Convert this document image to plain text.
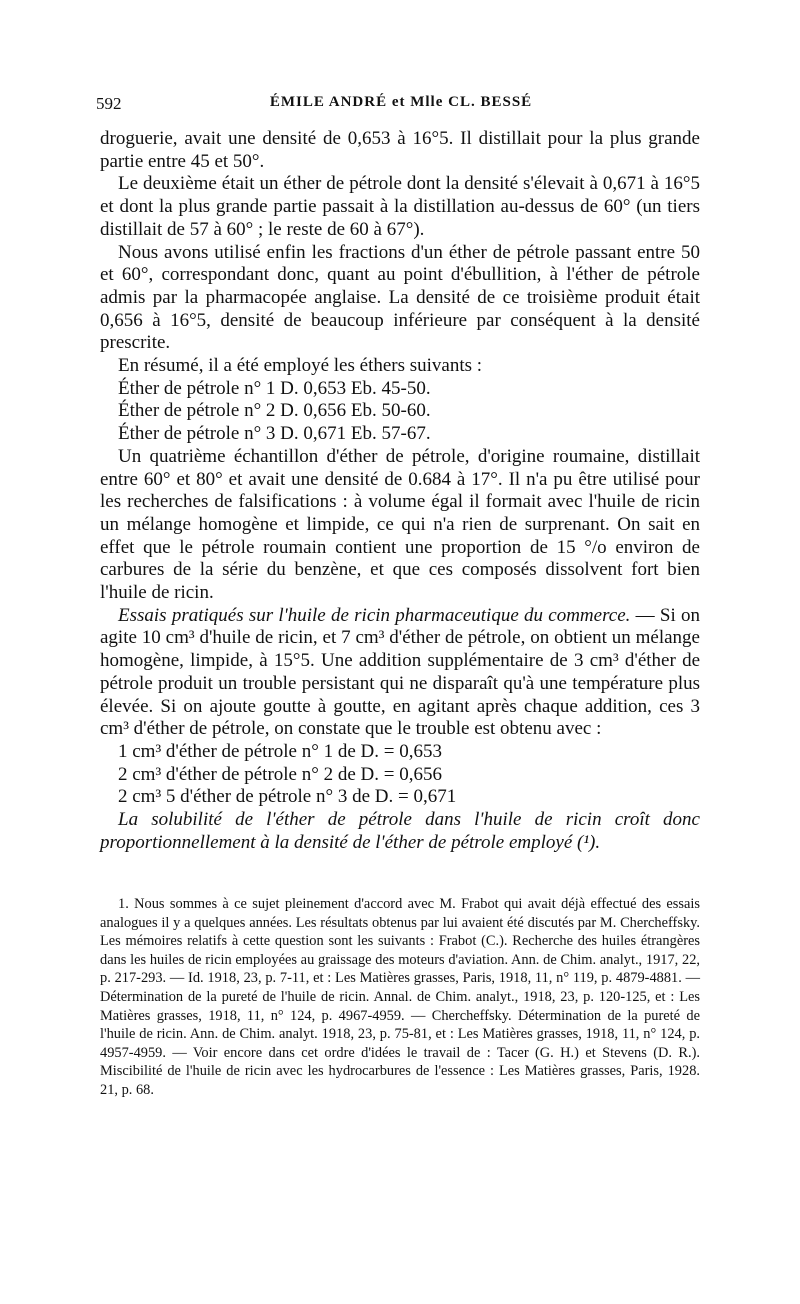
592	ÉMILE ANDRÉ et Mlle CL. BESSÉ

droguerie, avait une densité de 0,653 à 16°5. Il distillait pour la plus grande partie entre 45 et 50°.

Le deuxième était un éther de pétrole dont la densité s'élevait à 0,671 à 16°5 et dont la plus grande partie passait à la distillation au-dessus de 60° (un tiers distillait de 57 à 60° ; le reste de 60 à 67°).

Nous avons utilisé enfin les fractions d'un éther de pétrole passant entre 50 et 60°, correspondant donc, quant au point d'ébullition, à l'éther de pétrole admis par la pharmacopée anglaise. La densité de ce troisième produit était 0,656 à 16°5, densité de beaucoup inférieure par conséquent à la densité prescrite.

En résumé, il a été employé les éthers suivants :

Éther de pétrole n° 1 D. 0,653 Eb. 45-50.
Éther de pétrole n° 2 D. 0,656 Eb. 50-60.
Éther de pétrole n° 3 D. 0,671 Eb. 57-67.

Un quatrième échantillon d'éther de pétrole, d'origine roumaine, distillait entre 60° et 80° et avait une densité de 0.684 à 17°. Il n'a pu être utilisé pour les recherches de falsifications : à volume égal il formait avec l'huile de ricin un mélange homogène et limpide, ce qui n'a rien de surprenant. On sait en effet que le pétrole roumain contient une proportion de 15 °/o environ de carbures de la série du benzène, et que ces composés dissolvent fort bien l'huile de ricin.

Essais pratiqués sur l'huile de ricin pharmaceutique du commerce. — Si on agite 10 cm³ d'huile de ricin, et 7 cm³ d'éther de pétrole, on obtient un mélange homogène, limpide, à 15°5. Une addition supplémentaire de 3 cm³ d'éther de pétrole produit un trouble persistant qui ne disparaît qu'à une température plus élevée. Si on ajoute goutte à goutte, en agitant après chaque addition, ces 3 cm³ d'éther de pétrole, on constate que le trouble est obtenu avec :

1 cm³ d'éther de pétrole n° 1 de D. = 0,653
2 cm³ d'éther de pétrole n° 2 de D. = 0,656
2 cm³ 5 d'éther de pétrole n° 3 de D. = 0,671

La solubilité de l'éther de pétrole dans l'huile de ricin croît donc proportionnellement à la densité de l'éther de pétrole employé (¹).

1. Nous sommes à ce sujet pleinement d'accord avec M. Frabot qui avait déjà effectué des essais analogues il y a quelques années. Les résultats obtenus par lui avaient été discutés par M. Chercheffsky. Les mémoires relatifs à cette question sont les suivants : Frabot (C.). Recherche des huiles étrangères dans les huiles de ricin employées au graissage des moteurs d'aviation. Ann. de Chim. analyt., 1917, 22, p. 217-293. — Id. 1918, 23, p. 7-11, et : Les Matières grasses, Paris, 1918, 11, n° 119, p. 4879-4881. — Détermination de la pureté de l'huile de ricin. Annal. de Chim. analyt., 1918, 23, p. 120-125, et : Les Matières grasses, 1918, 11, n° 124, p. 4967-4959. — Chercheffsky. Détermination de la pureté de l'huile de ricin. Ann. de Chim. analyt. 1918, 23, p. 75-81, et : Les Matières grasses, 1918, 11, n° 124, p. 4957-4959. — Voir encore dans cet ordre d'idées le travail de : Tacer (G. H.) et Stevens (D. R.). Miscibilité de l'huile de ricin avec les hydrocarbures de l'essence : Les Matières grasses, Paris, 1928. 21, p. 68.
